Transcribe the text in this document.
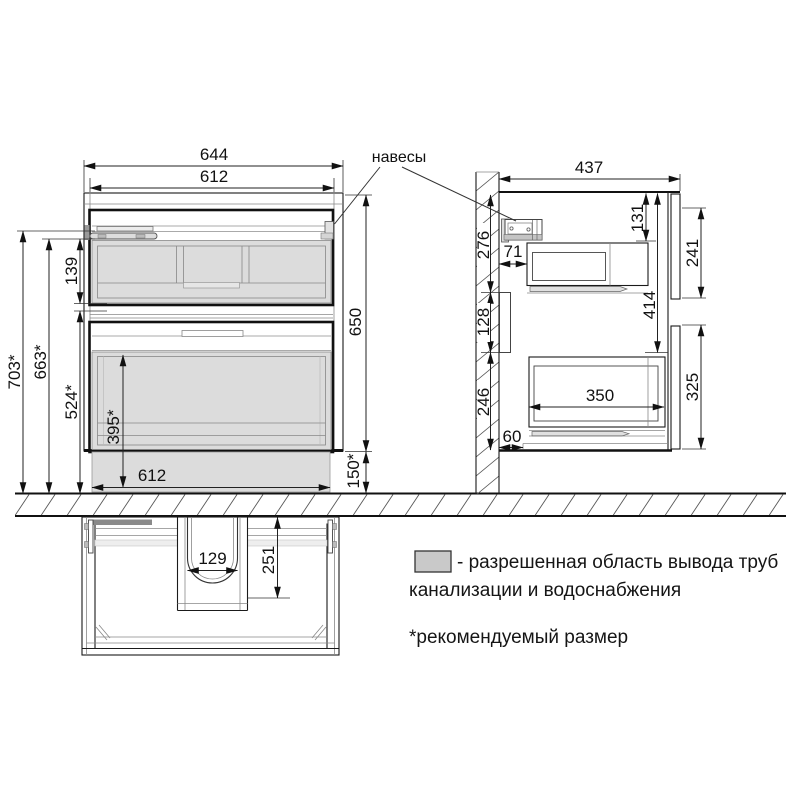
644
612
650
150*
703* 663*
139
524*
395*
612
437
276
128
246
71
131
414
241
325
350
60
навесы
129 251	- разрешенная область вывода труб
канализации и водоснабжения
*рекомендуемый размер
